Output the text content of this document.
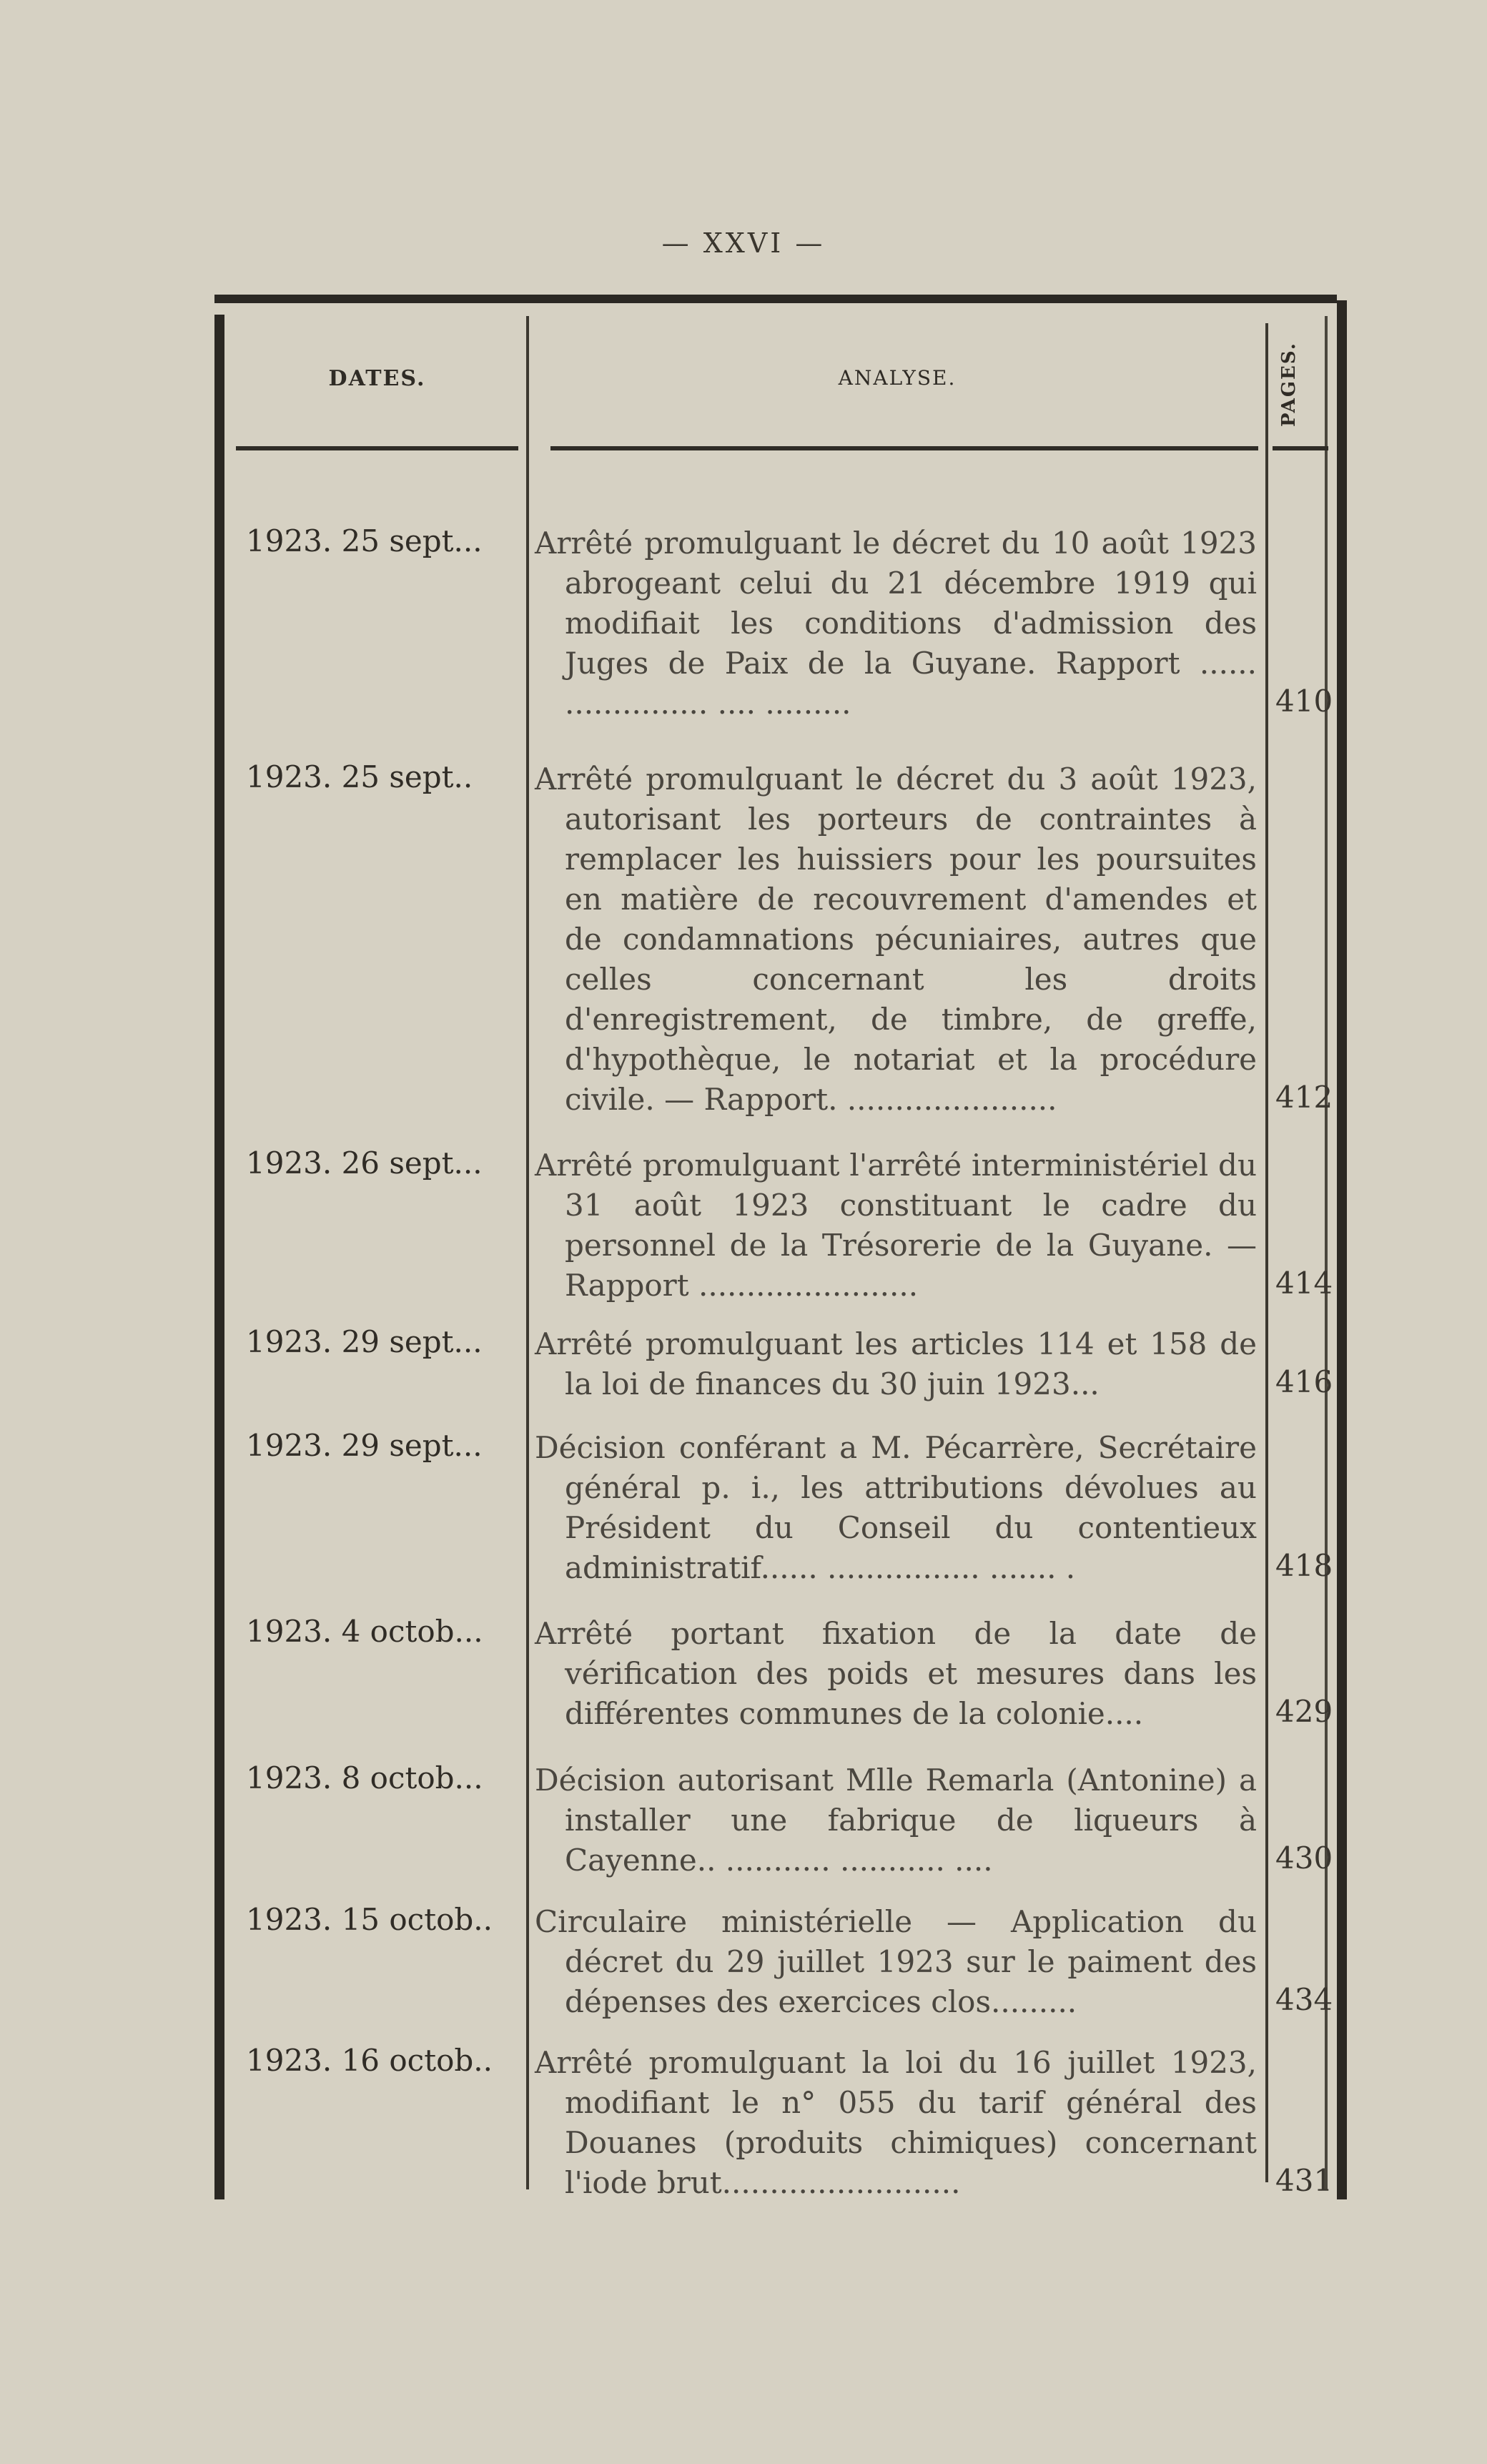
— XXVI —
DATES.	ANALYSE.	PAGES.
1923. 25 sept...	Arrêté promulguant le décret du 10 août 1923 abrogeant celui du 21 décembre 1919 qui modifiait les conditions d'admission des Juges de Paix de la Guyane. Rapport ...... ............... .... .........	410
1923. 25 sept..	Arrêté promulguant le décret du 3 août 1923, autorisant les porteurs de contraintes à remplacer les huissiers pour les poursuites en matière de recouvrement d'amendes et de condamnations pécuniaires, autres que celles concernant les droits d'enregistrement, de timbre, de greffe, d'hypothèque, le notariat et la procédure civile. — Rapport. ......................	412
1923. 26 sept...	Arrêté promulguant l'arrêté interministériel du 31 août 1923 constituant le cadre du personnel de la Trésorerie de la Guyane. — Rapport .......................	414
1923. 29 sept...	Arrêté promulguant les articles 114 et 158 de la loi de finances du 30 juin 1923...	416
1923. 29 sept...	Décision conférant a M. Pécarrère, Secrétaire général p. i., les attributions dévolues au Président du Conseil du contentieux administratif...... ................ ....... .	418
1923. 4 octob...	Arrêté portant fixation de la date de vérification des poids et mesures dans les différentes communes de la colonie....	429
1923. 8 octob...	Décision autorisant Mlle Remarla (Antonine) a installer une fabrique de liqueurs à Cayenne.. ........... ........... ....	430
1923. 15 octob..	Circulaire ministérielle — Application du décret du 29 juillet 1923 sur le paiment des dépenses des exercices clos.........	434
1923. 16 octob..	Arrêté promulguant la loi du 16 juillet 1923, modifiant le n° 055 du tarif général des Douanes (produits chimiques) concernant l'iode brut.........................	431
